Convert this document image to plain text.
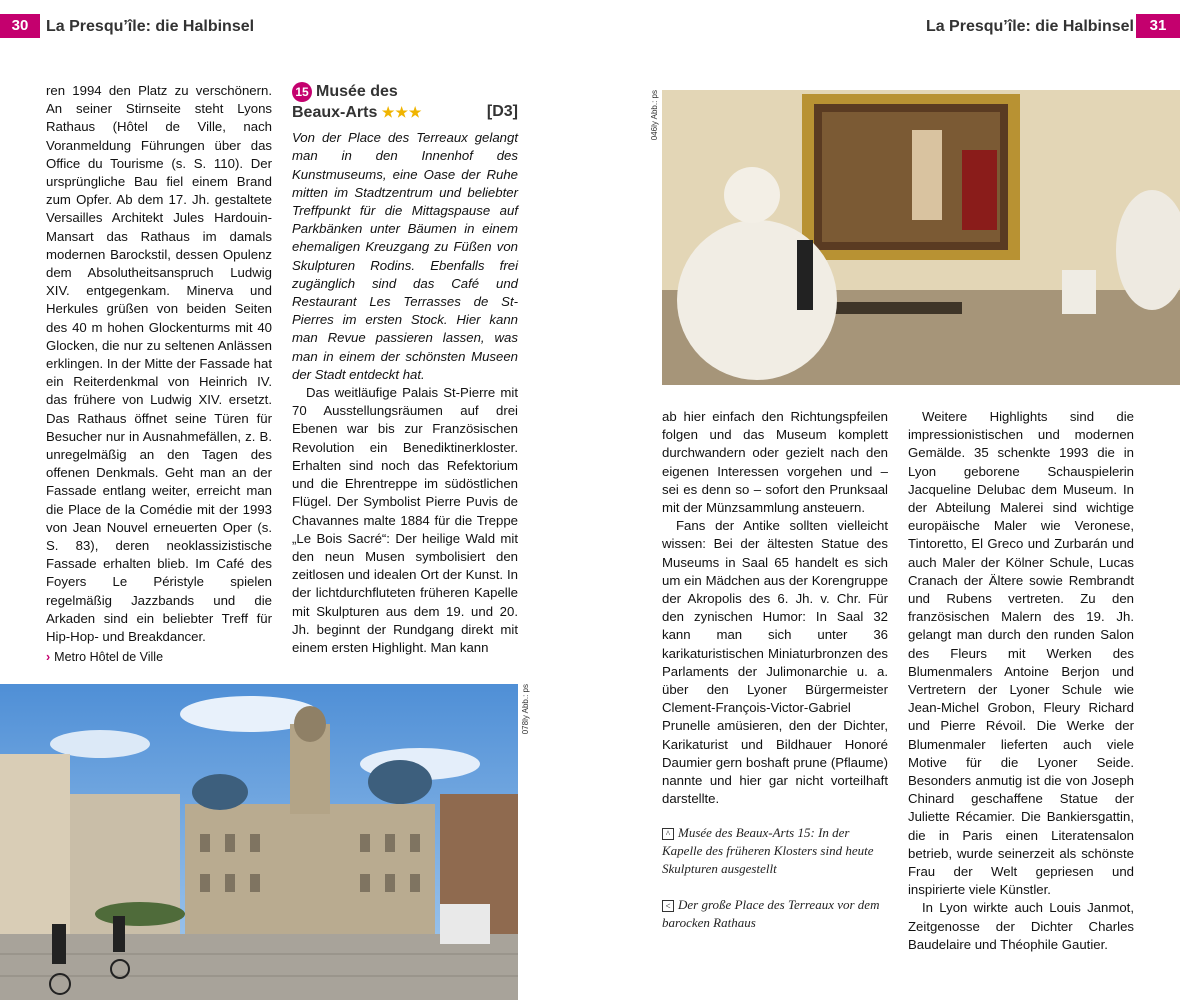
30	La Presqu’île: die Halbinsel	La Presqu’île: die Halbinsel	31

ren 1994 den Platz zu verschönern. An seiner Stirnseite steht Lyons Rathaus (Hôtel de Ville, nach Voranmeldung Führungen über das Office du Tourisme (s. S. 110). Der ursprüngliche Bau fiel einem Brand zum Opfer. Ab dem 17. Jh. gestaltete Versailles Architekt Jules Hardouin-Mansart das Rathaus im damals modernen Barockstil, dessen Opulenz dem Absolutheitsanspruch Ludwig XIV. entgegenkam. Minerva und Herkules grüßen von beiden Seiten des 40 m hohen Glockenturms mit 40 Glocken, die nur zu seltenen Anlässen erklingen. In der Mitte der Fassade hat ein Reiterdenkmal von Heinrich IV. das frühere von Ludwig XIV. ersetzt. Das Rathaus öffnet seine Türen für Besucher nur in Ausnahmefällen, z. B. unregelmäßig an den Tagen des offenen Denkmals. Geht man an der Fassade entlang weiter, erreicht man die Place de la Comédie mit der 1993 von Jean Nouvel erneuerten Oper (s. S. 83), deren neoklassizistische Fassade erhalten blieb. Im Café des Foyers Le Péristyle spielen regelmäßig Jazzbands und die Arkaden sind ein beliebter Treff für Hip-Hop- und Breakdancer.

› Metro Hôtel de Ville
15 Musée des
Beaux-Arts ★★★	[D3]

Von der Place des Terreaux gelangt man in den Innenhof des Kunstmuseums, eine Oase der Ruhe mitten im Stadtzentrum und beliebter Treffpunkt für die Mittagspause auf Parkbänken unter Bäumen in einem ehemaligen Kreuzgang zu Füßen von Skulpturen Rodins. Ebenfalls frei zugänglich sind das Café und Restaurant Les Terrasses de St-Pierres im ersten Stock. Hier kann man Revue passieren lassen, was man in einem der schönsten Museen der Stadt entdeckt hat.

Das weitläufige Palais St-Pierre mit 70 Ausstellungsräumen auf drei Ebenen war bis zur Französischen Revolution ein Benediktinerkloster. Erhalten sind noch das Refektorium und die Ehrentreppe im südöstlichen Flügel. Der Symbolist Pierre Puvis de Chavannes malte 1884 für die Treppe „Le Bois Sacré“: Der heilige Wald mit den neun Musen symbolisiert den zeitlosen und idealen Ort der Kunst. In der lichtdurchfluteten früheren Kapelle mit Skulpturen aus dem 19. und 20. Jh. beginnt der Rundgang direkt mit einem ersten Highlight. Man kann

078ly Abb.: ps
046ly Abb.: ps

ab hier einfach den Richtungspfeilen folgen und das Museum komplett durchwandern oder gezielt nach den eigenen Interessen vorgehen und – sei es denn so – sofort den Prunksaal mit der Münzsammlung ansteuern.

Fans der Antike sollten vielleicht wissen: Bei der ältesten Statue des Museums in Saal 65 handelt es sich um ein Mädchen aus der Korengruppe der Akropolis des 6. Jh. v. Chr. Für den zynischen Humor: In Saal 32 kann man sich unter 36 karikaturistischen Miniaturbronzen des Parlaments der Julimonarchie u. a. über den Lyoner Bürgermeister Clement-François-Victor-Gabriel Prunelle amüsieren, den der Dichter, Karikaturist und Bildhauer Honoré Daumier gern boshaft prune (Pflaume) nannte und hier gar nicht vorteilhaft darstellte.

^ Musée des Beaux-Arts 15: In der Kapelle des früheren Klosters sind heute Skulpturen ausgestellt
< Der große Place des Terreaux vor dem barocken Rathaus

Weitere Highlights sind die impressionistischen und modernen Gemälde. 35 schenkte 1993 die in Lyon geborene Schauspielerin Jacqueline Delubac dem Museum. In der Abteilung Malerei sind wichtige europäische Maler wie Veronese, Tintoretto, El Greco und Zurbarán und auch Maler der Kölner Schule, Lucas Cranach der Ältere sowie Rembrandt und Rubens vertreten. Zu den französischen Malern des 19. Jh. gelangt man durch den runden Salon des Fleurs mit Werken des Blumenmalers Antoine Berjon und Vertretern der Lyoner Schule wie Jean-Michel Grobon, Fleury Richard und Pierre Révoil. Die Werke der Blumenmaler lieferten auch viele Motive für die Lyoner Seide. Besonders anmutig ist die von Joseph Chinard geschaffene Statue der Juliette Récamier. Die Bankiersgattin, die in Paris einen Literatensalon betrieb, wurde seinerzeit als schönste Frau der Welt gepriesen und inspirierte viele Künstler.

In Lyon wirkte auch Louis Janmot, Zeitgenosse der Dichter Charles Baudelaire und Théophile Gautier.
